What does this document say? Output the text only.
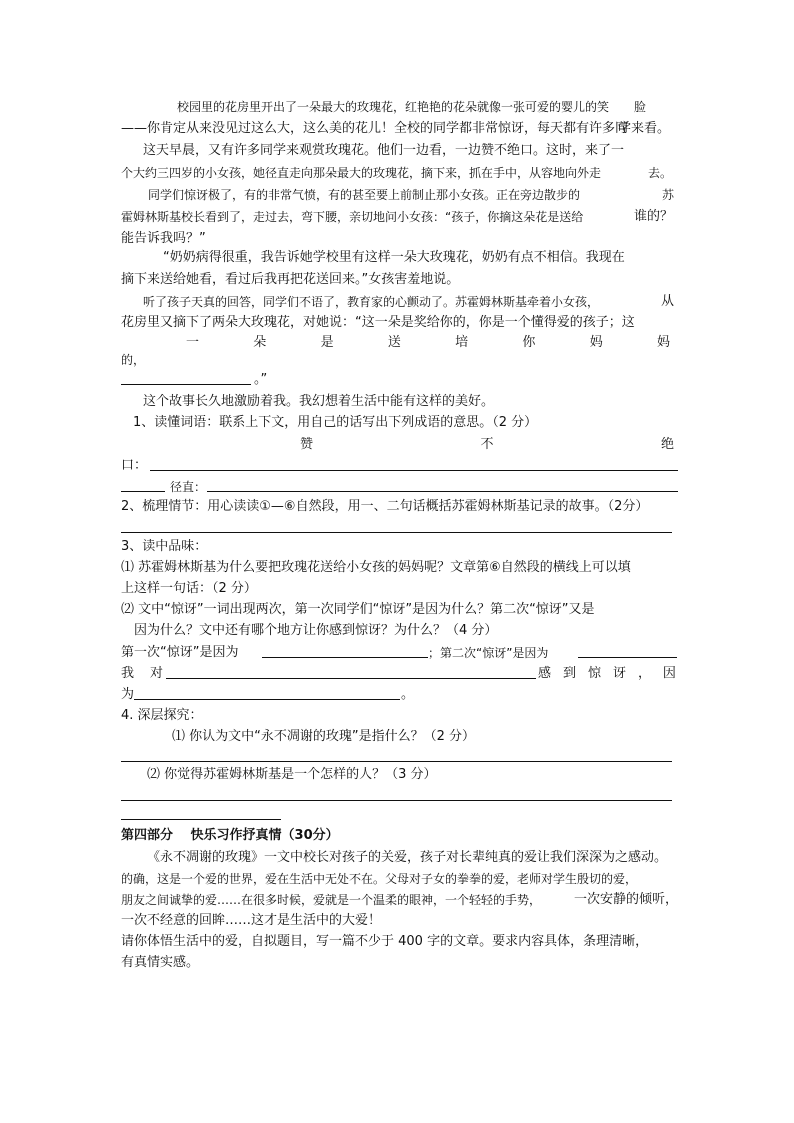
校园里的花房里开出了一朵最大的玫瑰花，红艳艳的花朵就像一张可爱的婴儿的笑 脸
——你肯定从来没见过这么大，这么美的花儿！全校的同学都非常惊讶，每天都有许多同
学来看。
这天早晨，又有许多同学来观赏玫瑰花。他们一边看，一边赞不绝口。这时，来了一
个大约三四岁的小女孩，她径直走向那朵最大的玫瑰花，摘下来，抓在手中，从容地向外走	去。
同学们惊讶极了，有的非常气愤，有的甚至要上前制止那小女孩。正在旁边散步的	苏
霍姆林斯基校长看到了，走过去，弯下腰，亲切地问小女孩：“孩子，你摘这朵花是送给	谁的？
能告诉我吗？”
“奶奶病得很重，我告诉她学校里有这样一朵大玫瑰花，奶奶有点不相信。我现在
摘下来送给她看，看过后我再把花送回来。”女孩害羞地说。
听了孩子天真的回答，同学们不语了，教育家的心颤动了。苏霍姆林斯基牵着小女孩，	从
花房里又摘下了两朵大玫瑰花，对她说：“这一朵是奖给你的，你是一个懂得爱的孩子；这
一	朵	是	送	培	你	妈	妈
的，
。”
这个故事长久地激励着我。我幻想着生活中能有这样的美好。
1、读懂词语：联系上下文，用自己的话写出下列成语的意思。（2 分）
赞	不	绝
口：
径直：
2、梳理情节：用心读读①—⑥自然段，用一、二句话概括苏霍姆林斯基记录的故事。（2分）
3、读中品味：
⑴ 苏霍姆林斯基为什么要把玫瑰花送给小女孩的妈妈呢？文章第⑥自然段的横线上可以填
上这样一句话：（2 分）
⑵ 文中“惊讶”一词出现两次，第一次同学们“惊讶”是因为什么？第二次“惊讶”又是
因为什么？文中还有哪个地方让你感到惊讶？为什么？（4 分）
第一次“惊讶”是因为	；第二次“惊讶”是因为
我 对	感 到 惊 讶 ， 因
为	。
4. 深层探究：
⑴ 你认为文中“永不凋谢的玫瑰”是指什么？（2 分）
⑵ 你觉得苏霍姆林斯基是一个怎样的人？（3 分）
第四部分　 快乐习作抒真情（30分）
《永不凋谢的玫瑰》一文中校长对孩子的关爱，孩子对长辈纯真的爱让我们深深为之感动。
的确，这是一个爱的世界，爱在生活中无处不在。父母对子女的拳拳的爱，老师对学生殷切的爱，
朋友之间诚挚的爱……在很多时候，爱就是一个温柔的眼神，一个轻轻的手势，	一次安静的倾听，
一次不经意的回眸……这才是生活中的大爱！
请你体悟生活中的爱，自拟题目，写一篇不少于 400 字的文章。要求内容具体，条理清晰，
有真情实感。
